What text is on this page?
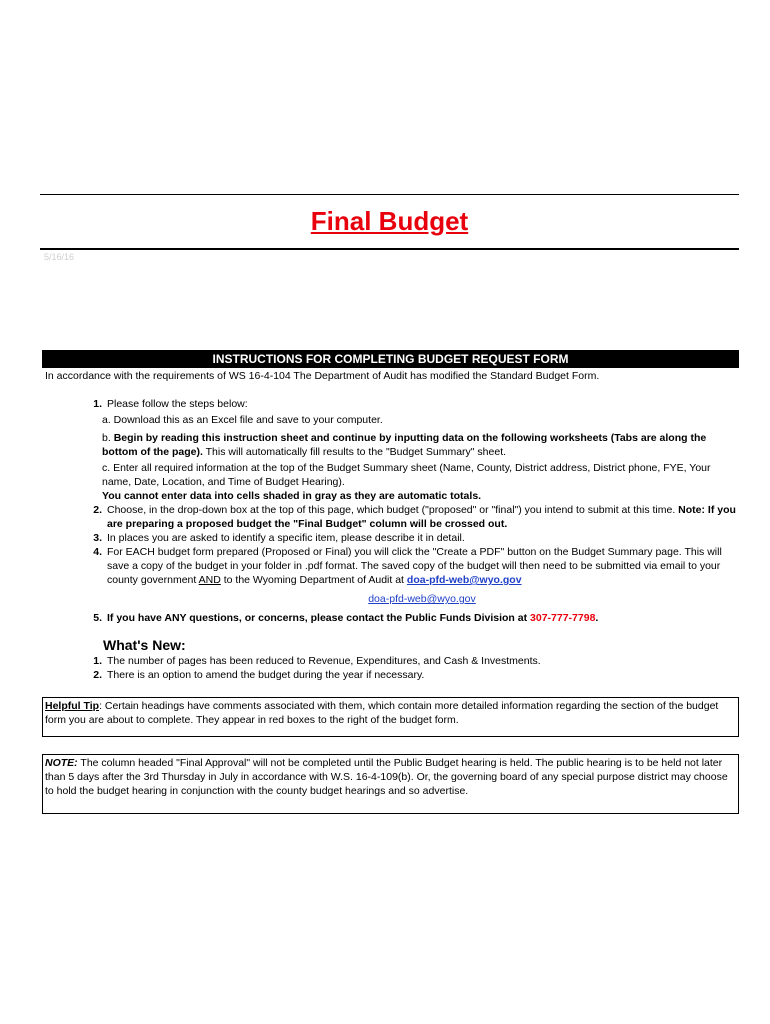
Final Budget
5/16/16
INSTRUCTIONS FOR COMPLETING BUDGET REQUEST FORM
In accordance with the requirements of WS 16-4-104 The Department of Audit has modified the Standard Budget Form.
1. Please follow the steps below:
a. Download this as an Excel file and save to your computer.
b. Begin by reading this instruction sheet and continue by inputting data on the following worksheets (Tabs are along the bottom of the page). This will automatically fill results to the "Budget Summary" sheet.
c. Enter all required information at the top of the Budget Summary sheet (Name, County, District address, District phone, FYE, Your name, Date, Location, and Time of Budget Hearing).
You cannot enter data into cells shaded in gray as they are automatic totals.
2. Choose, in the drop-down box at the top of this page, which budget ("proposed" or "final") you intend to submit at this time. Note: If you are preparing a proposed budget the "Final Budget" column will be crossed out.
3. In places you are asked to identify a specific item, please describe it in detail.
4. For EACH budget form prepared (Proposed or Final) you will click the "Create a PDF" button on the Budget Summary page. This will save a copy of the budget in your folder in .pdf format. The saved copy of the budget will then need to be submitted via email to your county government AND to the Wyoming Department of Audit at doa-pfd-web@wyo.gov
doa-pfd-web@wyo.gov
5. If you have ANY questions, or concerns, please contact the Public Funds Division at 307-777-7798.
What's New:
1. The number of pages has been reduced to Revenue, Expenditures, and Cash & Investments.
2. There is an option to amend the budget during the year if necessary.
Helpful Tip: Certain headings have comments associated with them, which contain more detailed information regarding the section of the budget form you are about to complete. They appear in red boxes to the right of the budget form.
NOTE: The column headed "Final Approval" will not be completed until the Public Budget hearing is held. The public hearing is to be held not later than 5 days after the 3rd Thursday in July in accordance with W.S. 16-4-109(b). Or, the governing board of any special purpose district may choose to hold the budget hearing in conjunction with the county budget hearings and so advertise.
